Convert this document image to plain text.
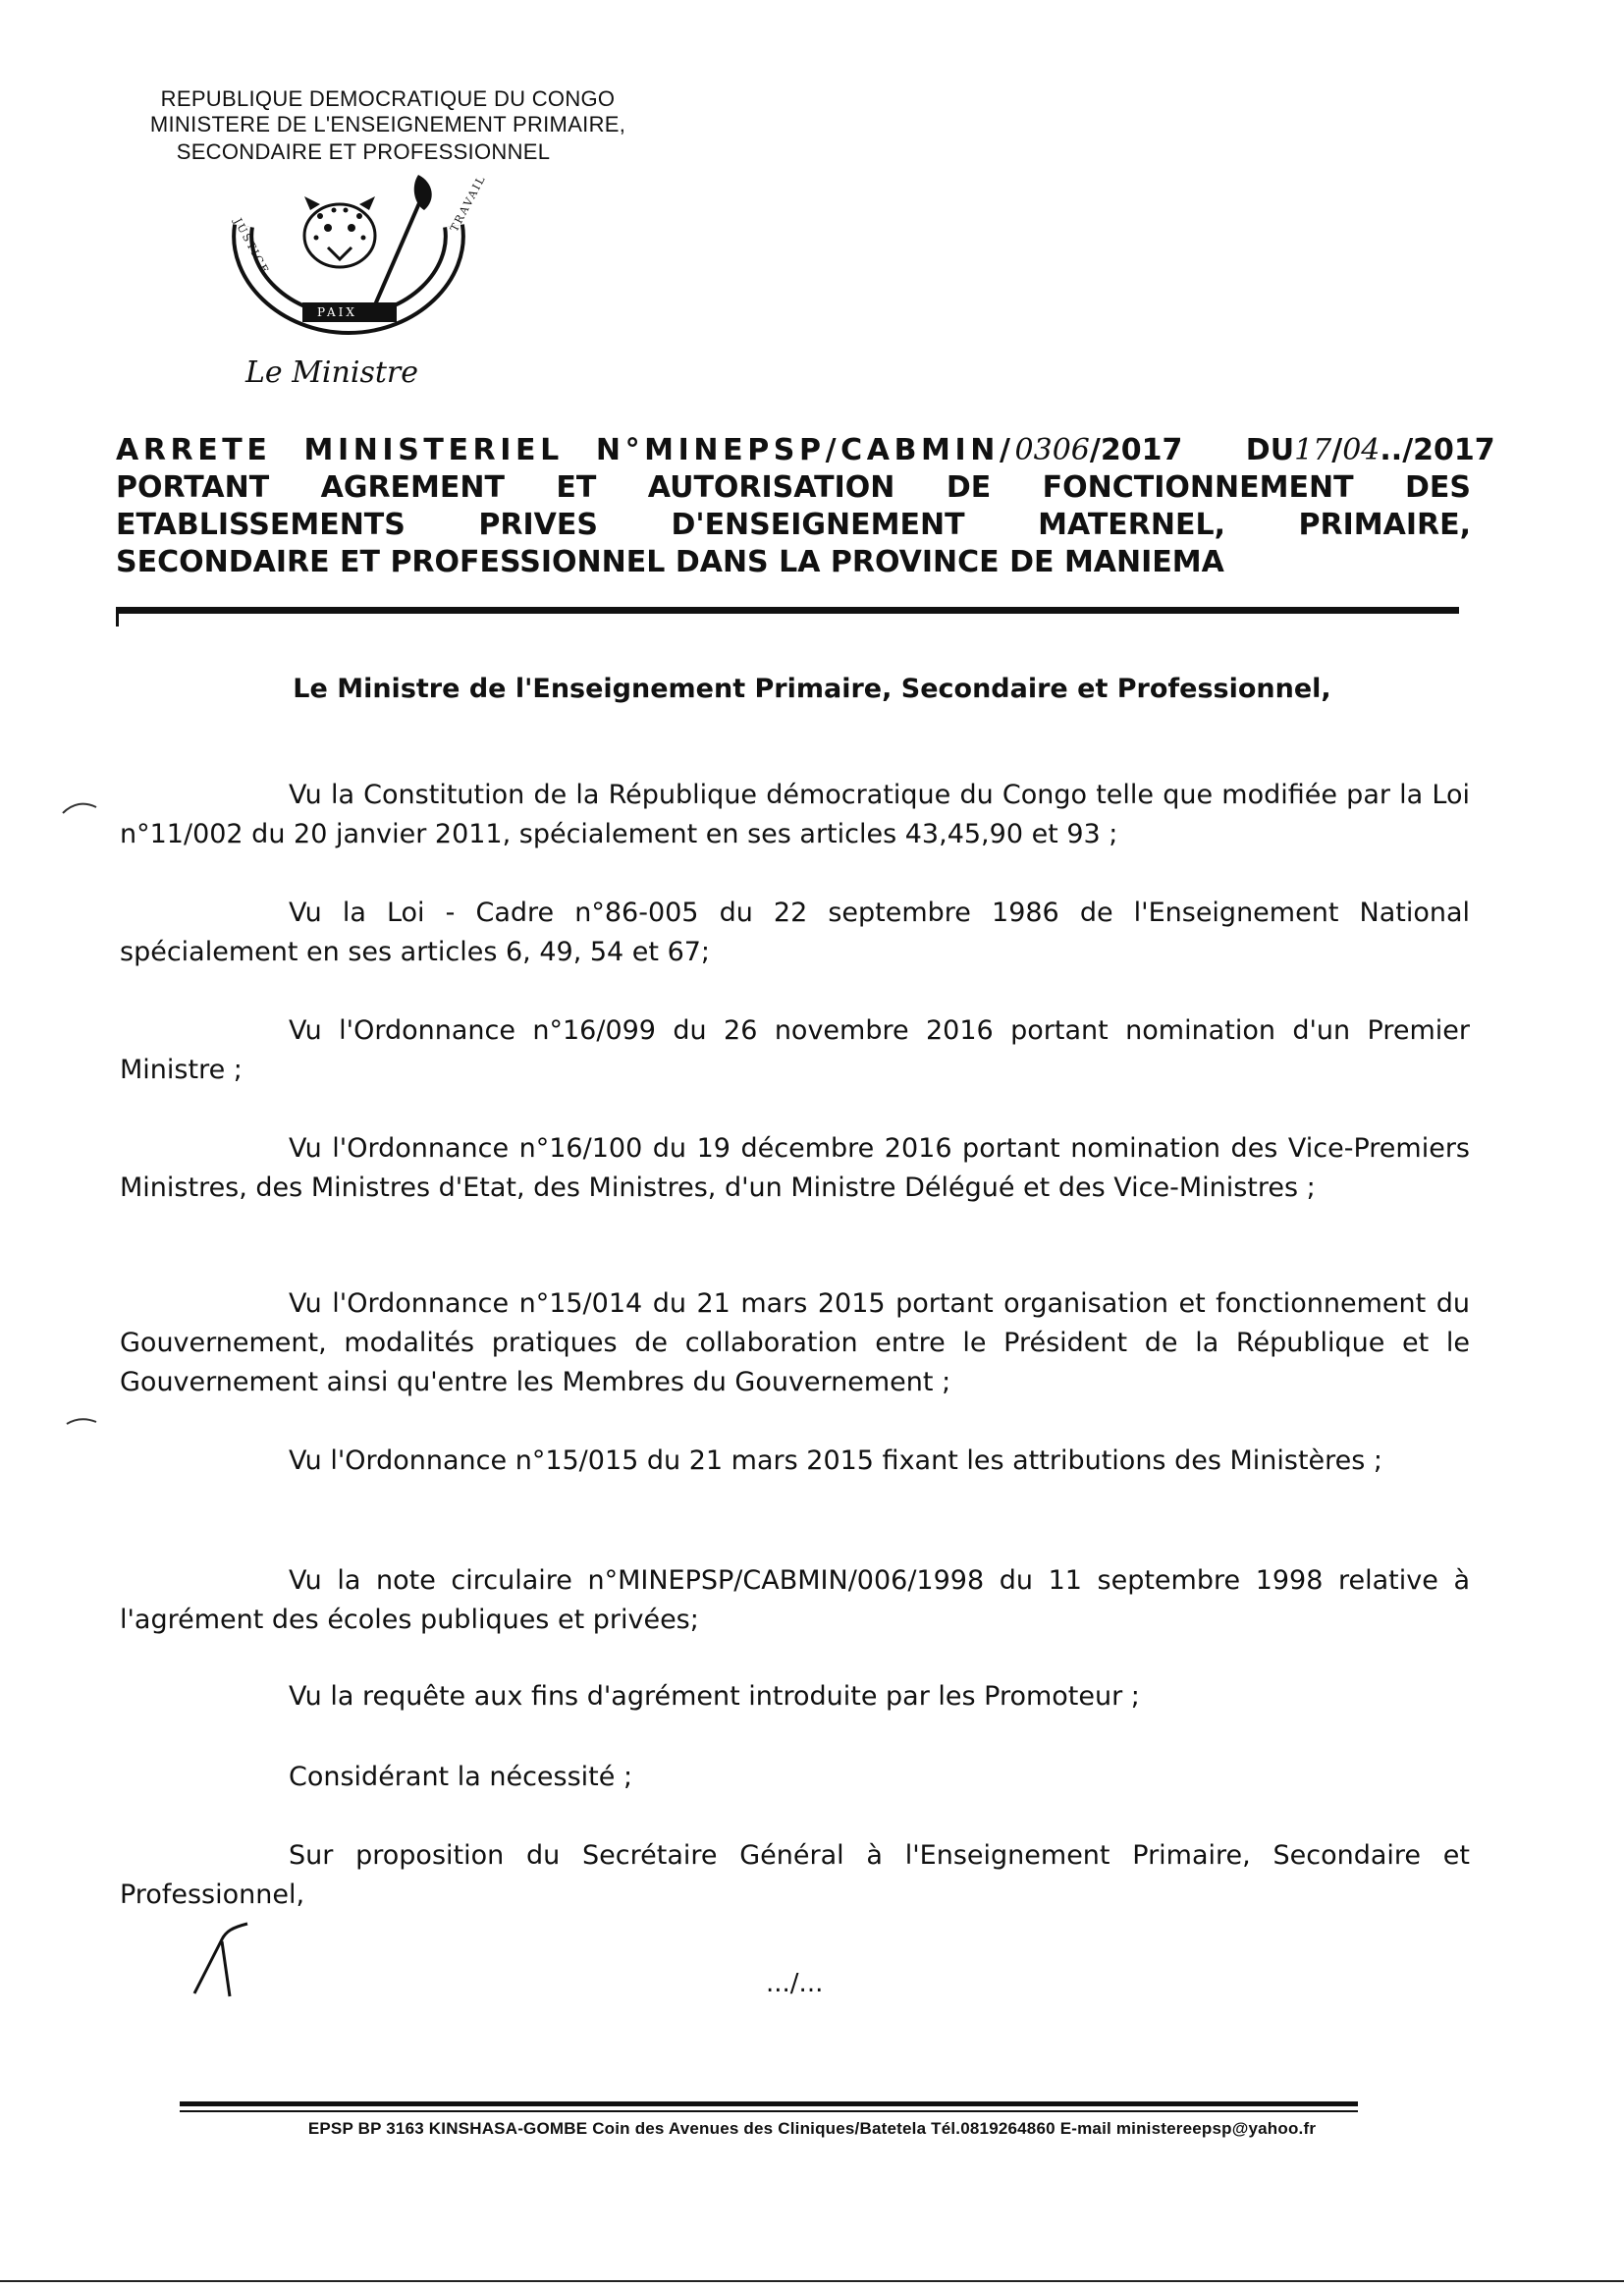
REPUBLIQUE DEMOCRATIQUE DU CONGO
MINISTERE DE L'ENSEIGNEMENT PRIMAIRE,
SECONDAIRE ET PROFESSIONNEL
JUSTICE
PAIX
TRAVAIL
Le Ministre
ARRETE MINISTERIEL N°MINEPSP/CABMIN/0306/2017 DU17/04../2017
PORTANT AGREMENT ET AUTORISATION DE FONCTIONNEMENT DES
ETABLISSEMENTS PRIVES D'ENSEIGNEMENT MATERNEL, PRIMAIRE,
SECONDAIRE ET PROFESSIONNEL DANS LA PROVINCE DE MANIEMA
Le Ministre de l'Enseignement Primaire, Secondaire et Professionnel,
Vu la Constitution de la République démocratique du Congo telle que modifiée par la Loi n°11/002 du 20 janvier 2011, spécialement en ses articles 43,45,90 et 93 ;
Vu la Loi - Cadre n°86-005 du 22 septembre 1986 de l'Enseignement National spécialement en ses articles 6, 49, 54 et 67;
Vu l'Ordonnance n°16/099 du 26 novembre 2016 portant nomination d'un Premier Ministre ;
Vu l'Ordonnance n°16/100 du 19 décembre 2016 portant nomination des Vice-Premiers Ministres, des Ministres d'Etat, des Ministres, d'un Ministre Délégué et des Vice-Ministres ;
Vu l'Ordonnance n°15/014 du 21 mars 2015 portant organisation et fonctionnement du Gouvernement, modalités pratiques de collaboration entre le Président de la République et le Gouvernement ainsi qu'entre les Membres du Gouvernement ;
Vu l'Ordonnance n°15/015 du 21 mars 2015 fixant les attributions des Ministères ;
Vu la note circulaire n°MINEPSP/CABMIN/006/1998 du 11 septembre 1998 relative à l'agrément des écoles publiques et privées;
Vu la requête aux fins d'agrément introduite par les Promoteur ;
Considérant la nécessité ;
Sur proposition du Secrétaire Général à l'Enseignement Primaire, Secondaire et Professionnel,
.../...
EPSP BP 3163 KINSHASA-GOMBE Coin des Avenues des Cliniques/Batetela Tél.0819264860 E-mail ministereepsp@yahoo.fr
